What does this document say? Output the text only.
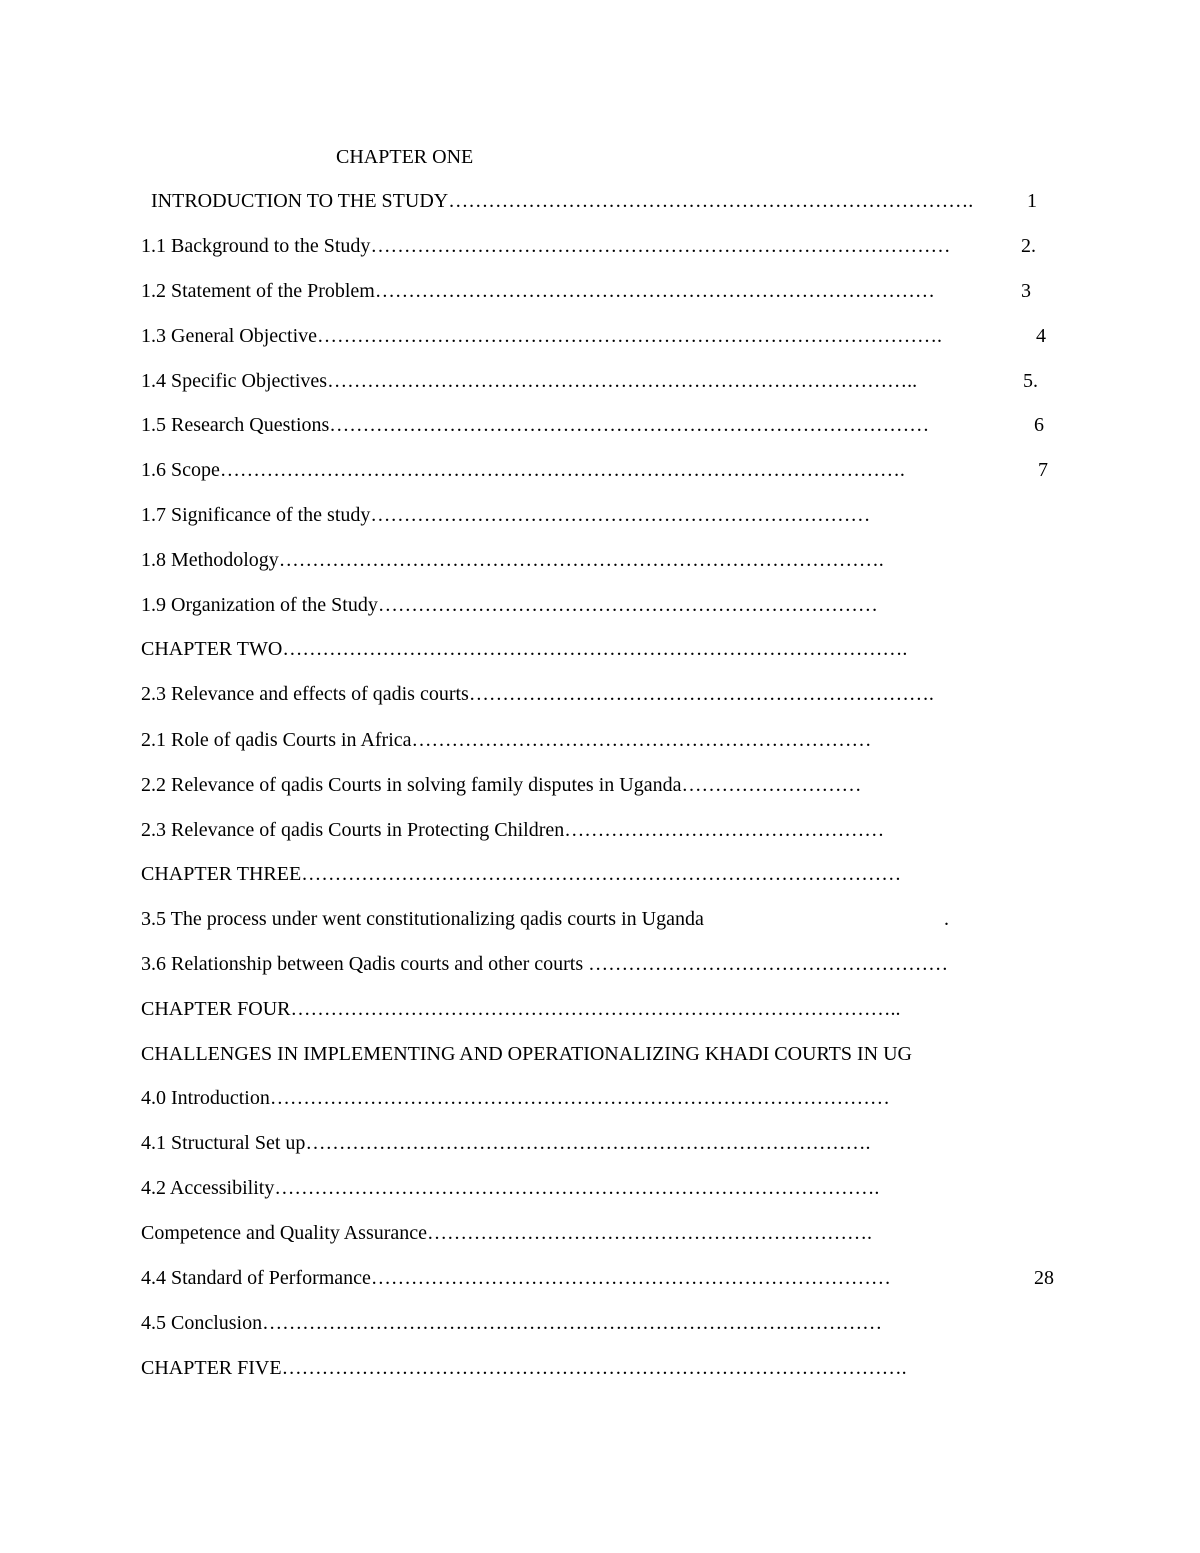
CHAPTER ONE
INTRODUCTION TO THE STUDY…………………………………………………………………….	1
1.1 Background to the Study……………………………………………………………………………	2.
1.2 Statement of the Problem…………………………………………………………………………	3
1.3 General Objective………………………………………………………………………………….	4
1.4 Specific Objectives……………………………………………………………………………..	5.
1.5 Research Questions………………………………………………………………………………	6
1.6 Scope………………………………………………………………………………………….	7
1.7 Significance of the study…………………………………………………………………
1.8 Methodology……………………………………………………………………………….
1.9 Organization of the Study…………………………………………………………………
CHAPTER TWO………………………………………………………………………………….
2.3 Relevance and effects of qadis courts…………………………………………………………….
2.1 Role of qadis Courts in Africa……………………………………………………………
2.2 Relevance of qadis Courts in solving family disputes in Uganda………………………
2.3 Relevance of qadis Courts in Protecting Children…………………………………………
CHAPTER THREE………………………………………………………………………………
3.5 The process under went constitutionalizing qadis courts in Uganda	.
3.6 Relationship between Qadis courts and other courts ………………………………………………
CHAPTER FOUR………………………………………………………………………………..
CHALLENGES IN IMPLEMENTING AND OPERATIONALIZING KHADI COURTS IN UG
4.0 Introduction…………………………………………………………………………………
4.1 Structural Set up………………………………………………………………………….
4.2 Accessibility……………………………………………………………………………….
Competence and Quality Assurance………………………………………………………….
4.4 Standard of Performance……………………………………………………………………	28
4.5 Conclusion…………………………………………………………………………………
CHAPTER FIVE………………………………………………………………………………….
